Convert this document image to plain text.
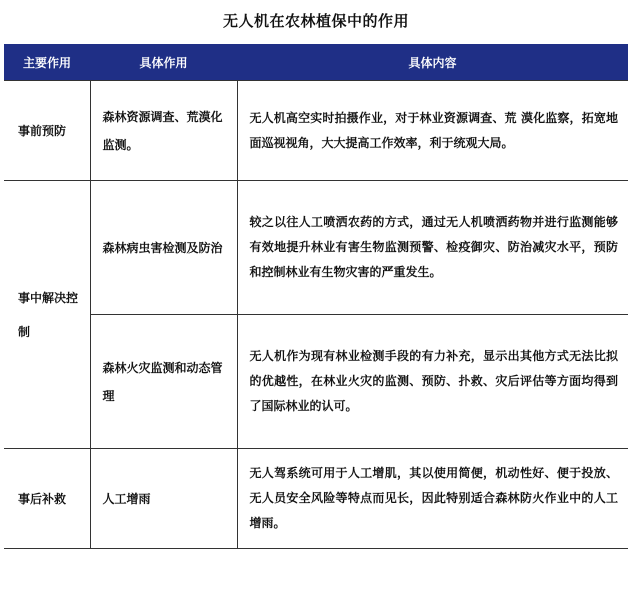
无人机在农林植保中的作用
主要作用	具体作用	具体内容
事前预防	森林资源调查、荒漠化监测。	无人机高空实时拍摄作业，对于林业资源调查、荒 漠化监察，拓宽地面巡视视角，大大提高工作效率，利于统观大局。
事中解决控制	森林病虫害检测及防治	较之以往人工喷洒农药的方式，通过无人机喷洒药物并进行监测能够有效地提升林业有害生物监测预警、检疫御灾、防治减灾水平，预防和控制林业有生物灾害的严重发生。
	森林火灾监测和动态管理	无人机作为现有林业检测手段的有力补充，显示出其他方式无法比拟的优越性，在林业火灾的监测、预防、扑救、灾后评估等方面均得到了国际林业的认可。
事后补救	人工增雨	无人驾系统可用于人工增肌，其以使用简便，机动性好、便于投放、无人员安全风险等特点而见长，因此特别适合森林防火作业中的人工增雨。
